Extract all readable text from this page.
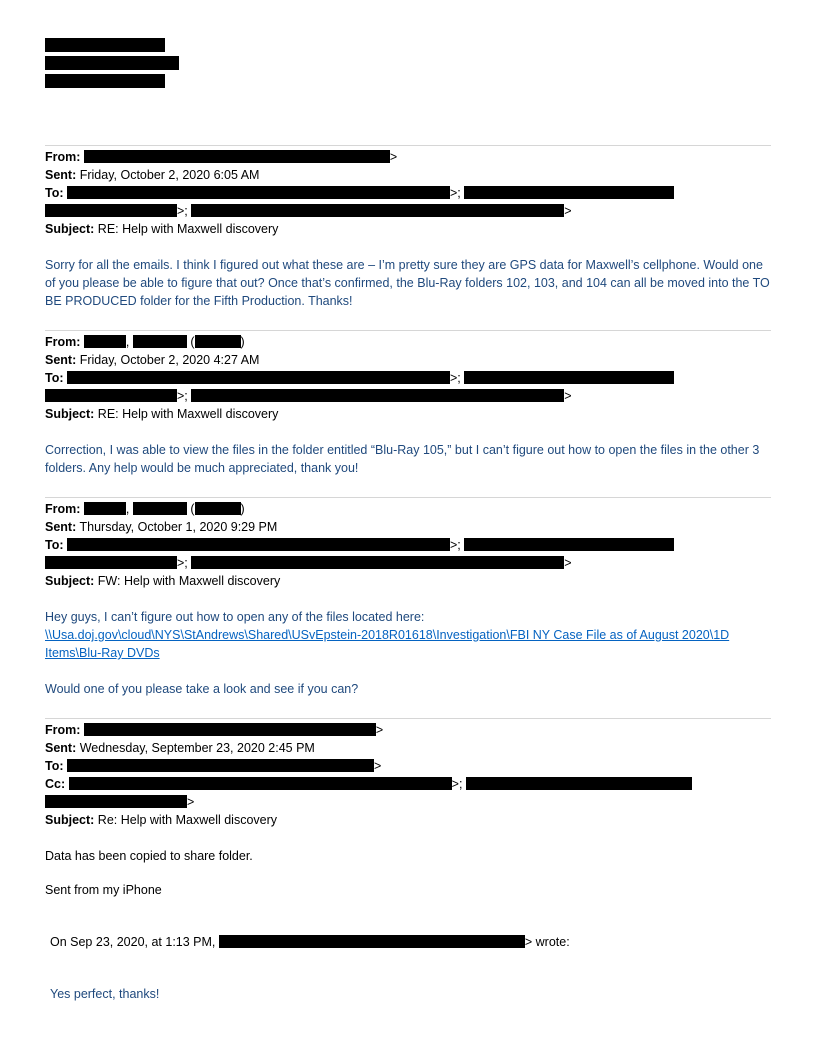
From:	>
Sent: Friday, October 2, 2020 6:05 AM
To:	>;
>;	>
Subject: RE: Help with Maxwell discovery
Sorry for all the emails. I think I figured out what these are – I’m pretty sure they are GPS data for Maxwell’s cellphone. Would one of you please be able to figure that out? Once that’s confirmed, the Blu-Ray folders 102, 103, and 104 can all be moved into the TO BE PRODUCED folder for the Fifth Production. Thanks!
From:	,	(	)
Sent: Friday, October 2, 2020 4:27 AM
To:	>;
>;	>
Subject: RE: Help with Maxwell discovery
Correction, I was able to view the files in the folder entitled “Blu-Ray 105,” but I can’t figure out how to open the files in the other 3 folders. Any help would be much appreciated, thank you!
From:	,	(	)
Sent: Thursday, October 1, 2020 9:29 PM
To:	>;
>;	>
Subject: FW: Help with Maxwell discovery
Hey guys, I can’t figure out how to open any of the files located here:
\\Usa.doj.gov\cloud\NYS\StAndrews\Shared\USvEpstein-2018R01618\Investigation\FBI NY Case File as of August 2020\1D Items\Blu-Ray DVDs
Would one of you please take a look and see if you can?
From:	>
Sent: Wednesday, September 23, 2020 2:45 PM
To:	>
Cc:	>;
>
Subject: Re: Help with Maxwell discovery
Data has been copied to share folder.
Sent from my iPhone
On Sep 23, 2020, at 1:13 PM,	> wrote:
Yes perfect, thanks!
